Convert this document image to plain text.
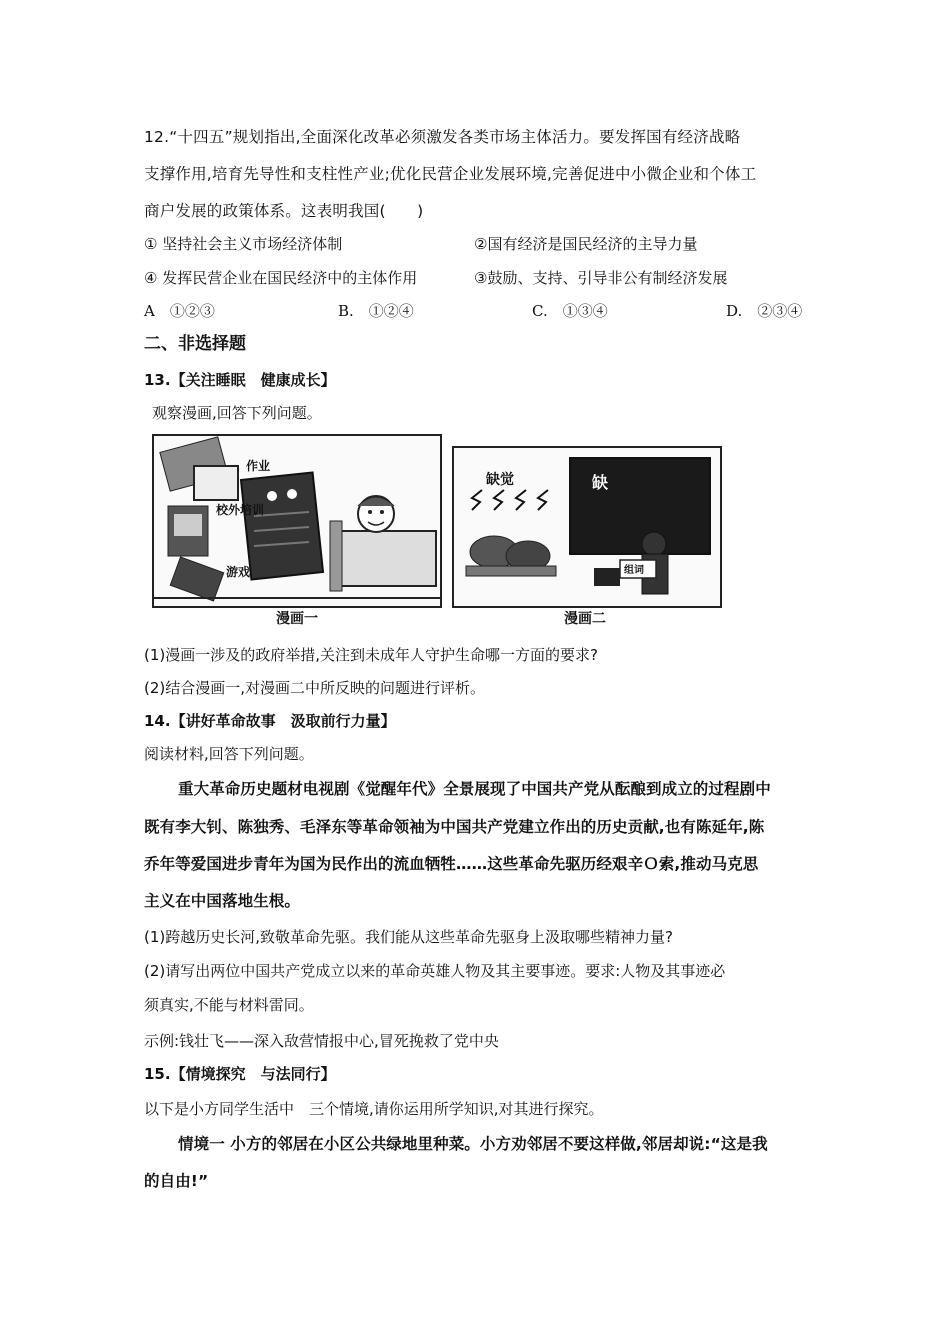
12.“十四五”规划指出,全面深化改革必须激发各类市场主体活力。要发挥国有经济战略
支撑作用,培育先导性和支柱性产业;优化民营企业发展环境,完善促进中小微企业和个体工
商户发展的政策体系。这表明我国(　　)
① 坚持社会主义市场经济体制	②国有经济是国民经济的主导力量
④ 发挥民营企业在国民经济中的主体作用	③鼓励、支持、引导非公有制经济发展
A　①②③	B.　①②④	C.　①③④	D.　②③④
二、非选择题
13.【关注睡眠　健康成长】
观察漫画,回答下列问题。
作业
校外培训
游戏
漫画一
缺觉	缺
组词
漫画二
(1)漫画一涉及的政府举措,关注到未成年人守护生命哪一方面的要求?
(2)结合漫画一,对漫画二中所反映的问题进行评析。
14.【讲好革命故事　汲取前行力量】
阅读材料,回答下列问题。
重大革命历史题材电视剧《觉醒年代》全景展现了中国共产党从酝酿到成立的过程剧中
既有李大钊、陈独秀、毛泽东等革命领袖为中国共产党建立作出的历史贡献,也有陈延年,陈
乔年等爱国进步青年为国为民作出的流血牺牲……这些革命先驱历经艰辛Ｏ索,推动马克思
主义在中国落地生根。
(1)跨越历史长河,致敬革命先驱。我们能从这些革命先驱身上汲取哪些精神力量?
(2)请写出两位中国共产党成立以来的革命英雄人物及其主要事迹。要求:人物及其事迹必
须真实,不能与材料雷同。
示例:钱壮飞——深入敌营情报中心,冒死挽救了党中央
15.【情境探究　与法同行】
以下是小方同学生活中　三个情境,请你运用所学知识,对其进行探究。
情境一 小方的邻居在小区公共绿地里种菜。小方劝邻居不要这样做,邻居却说:“这是我
的自由!”
